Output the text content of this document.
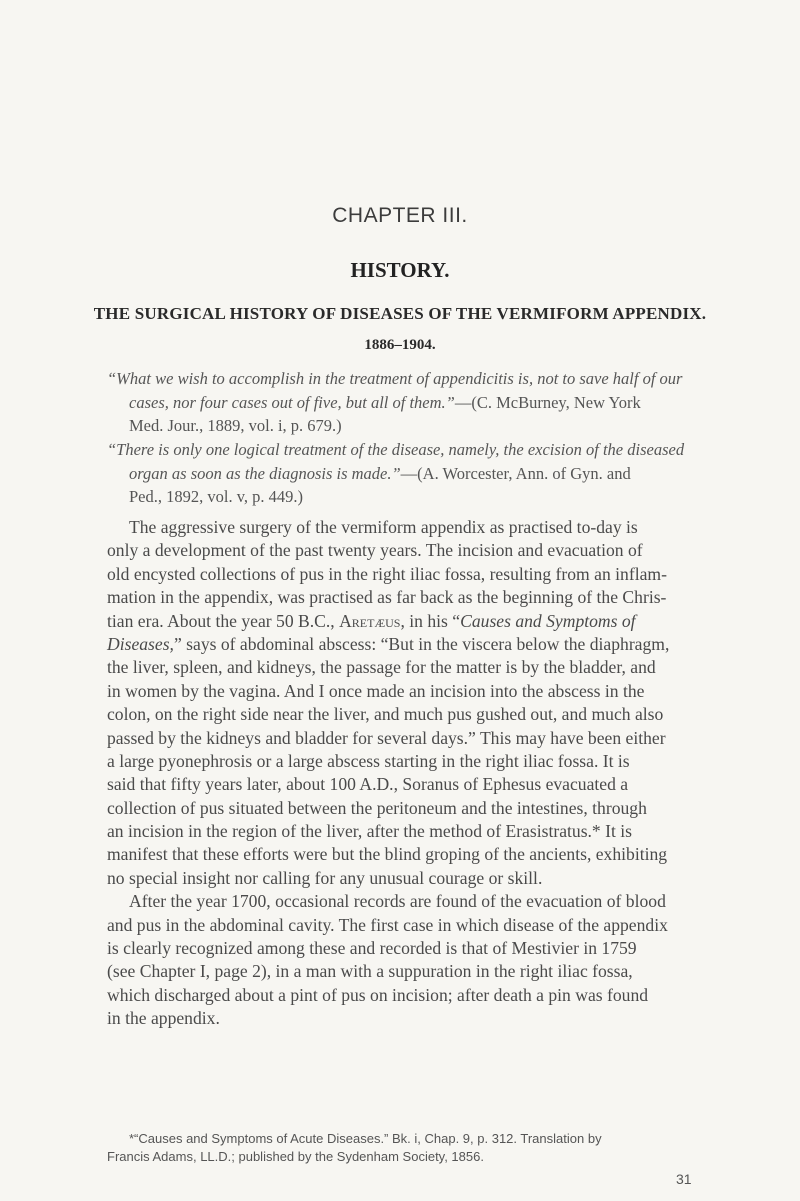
CHAPTER III.
HISTORY.
THE SURGICAL HISTORY OF DISEASES OF THE VERMIFORM APPENDIX.
1886–1904.
“What we wish to accomplish in the treatment of appendicitis is, not to save half of our
cases, nor four cases out of five, but all of them.”—(C. McBurney, New York
Med. Jour., 1889, vol. i, p. 679.)
“There is only one logical treatment of the disease, namely, the excision of the diseased
organ as soon as the diagnosis is made.”—(A. Worcester, Ann. of Gyn. and
Ped., 1892, vol. v, p. 449.)
The aggressive surgery of the vermiform appendix as practised to-day is
only a development of the past twenty years. The incision and evacuation of
old encysted collections of pus in the right iliac fossa, resulting from an inflam-
mation in the appendix, was practised as far back as the beginning of the Chris-
tian era. About the year 50 B.C., Aretæus, in his “Causes and Symptoms of
Diseases,” says of abdominal abscess: “But in the viscera below the diaphragm,
the liver, spleen, and kidneys, the passage for the matter is by the bladder, and
in women by the vagina. And I once made an incision into the abscess in the
colon, on the right side near the liver, and much pus gushed out, and much also
passed by the kidneys and bladder for several days.” This may have been either
a large pyonephrosis or a large abscess starting in the right iliac fossa. It is
said that fifty years later, about 100 A.D., Soranus of Ephesus evacuated a
collection of pus situated between the peritoneum and the intestines, through
an incision in the region of the liver, after the method of Erasistratus.* It is
manifest that these efforts were but the blind groping of the ancients, exhibiting
no special insight nor calling for any unusual courage or skill.
After the year 1700, occasional records are found of the evacuation of blood
and pus in the abdominal cavity. The first case in which disease of the appendix
is clearly recognized among these and recorded is that of Mestivier in 1759
(see Chapter I, page 2), in a man with a suppuration in the right iliac fossa,
which discharged about a pint of pus on incision; after death a pin was found
in the appendix.
*“Causes and Symptoms of Acute Diseases.” Bk. i, Chap. 9, p. 312. Translation by
Francis Adams, LL.D.; published by the Sydenham Society, 1856.
31
